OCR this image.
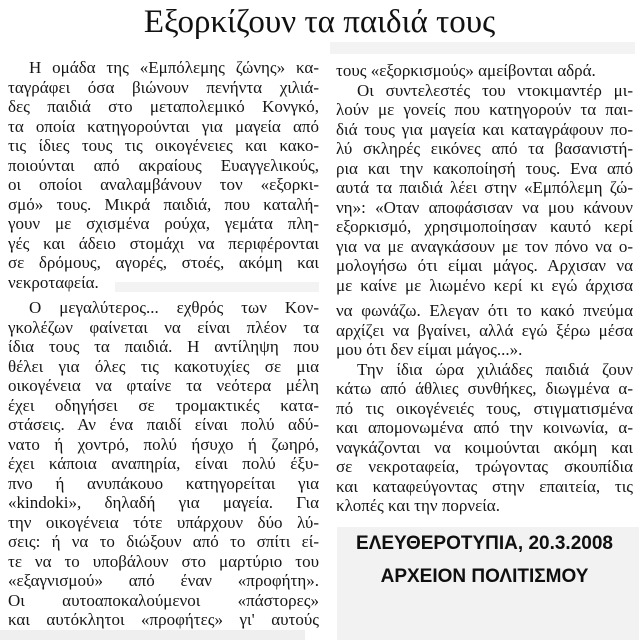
Εξορκίζουν τα παιδιά τους
Η ομάδα της «Εμπόλεμης ζώνης» κα-
ταγράφει όσα βιώνουν πενήντα χιλιά-
δες παιδιά στο μεταπολεμικό Κονγκό,
τα οποία κατηγορούνται για μαγεία από
τις ίδιες τους τις οικογένειες και κακο-
ποιούνται από ακραίους Ευαγγελικούς,
οι οποίοι αναλαμβάνουν τον «εξορκι-
σμό» τους. Μικρά παιδιά, που καταλή-
γουν με σχισμένα ρούχα, γεμάτα πλη-
γές και άδειο στομάχι να περιφέρονται
σε δρόμους, αγορές, στοές, ακόμη και
νεκροταφεία.
Ο μεγαλύτερος... εχθρός των Κον-
γκολέζων φαίνεται να είναι πλέον τα
ίδια τους τα παιδιά. Η αντίληψη που
θέλει για όλες τις κακοτυχίες σε μια
οικογένεια να φταίνε τα νεότερα μέλη
έχει οδηγήσει σε τρομακτικές κατα-
στάσεις. Αν ένα παιδί είναι πολύ αδύ-
νατο ή χοντρό, πολύ ήσυχο ή ζωηρό,
έχει κάποια αναπηρία, είναι πολύ έξυ-
πνο ή ανυπάκουο κατηγορείται για
«kindoki», δηλαδή για μαγεία. Για
την οικογένεια τότε υπάρχουν δύο λύ-
σεις: ή να το διώξουν από το σπίτι εί-
τε να το υποβάλουν στο μαρτύριο του
«εξαγνισμού» από έναν «προφήτη».
Οι αυτοαποκαλούμενοι «πάστορες»
και αυτόκλητοι «προφήτες» γι' αυτούς
τους «εξορκισμούς» αμείβονται αδρά.
Οι συντελεστές του ντοκιμαντέρ μι-
λούν με γονείς που κατηγορούν τα παι-
διά τους για μαγεία και καταγράφουν πο-
λύ σκληρές εικόνες από τα βασανιστή-
ρια και την κακοποίησή τους. Ενα από
αυτά τα παιδιά λέει στην «Εμπόλεμη ζώ-
νη»: «Οταν αποφάσισαν να μου κάνουν
εξορκισμό, χρησιμοποίησαν καυτό κερί
για να με αναγκάσουν με τον πόνο να ο-
μολογήσω ότι είμαι μάγος. Αρχισαν να
με καίνε με λιωμένο κερί κι εγώ άρχισα
να φωνάζω. Ελεγαν ότι το κακό πνεύμα
αρχίζει να βγαίνει, αλλά εγώ ξέρω μέσα
μου ότι δεν είμαι μάγος...».
Την ίδια ώρα χιλιάδες παιδιά ζουν
κάτω από άθλιες συνθήκες, διωγμένα α-
πό τις οικογένειές τους, στιγματισμένα
και απομονωμένα από την κοινωνία, α-
ναγκάζονται να κοιμούνται ακόμη και
σε νεκροταφεία, τρώγοντας σκουπίδια
και καταφεύγοντας στην επαιτεία, τις
κλοπές και την πορνεία.
ΕΛΕΥΘΕΡΟΤΥΠΙΑ, 20.3.2008
ΑΡΧΕΙΟΝ ΠΟΛΙΤΙΣΜΟΥ
